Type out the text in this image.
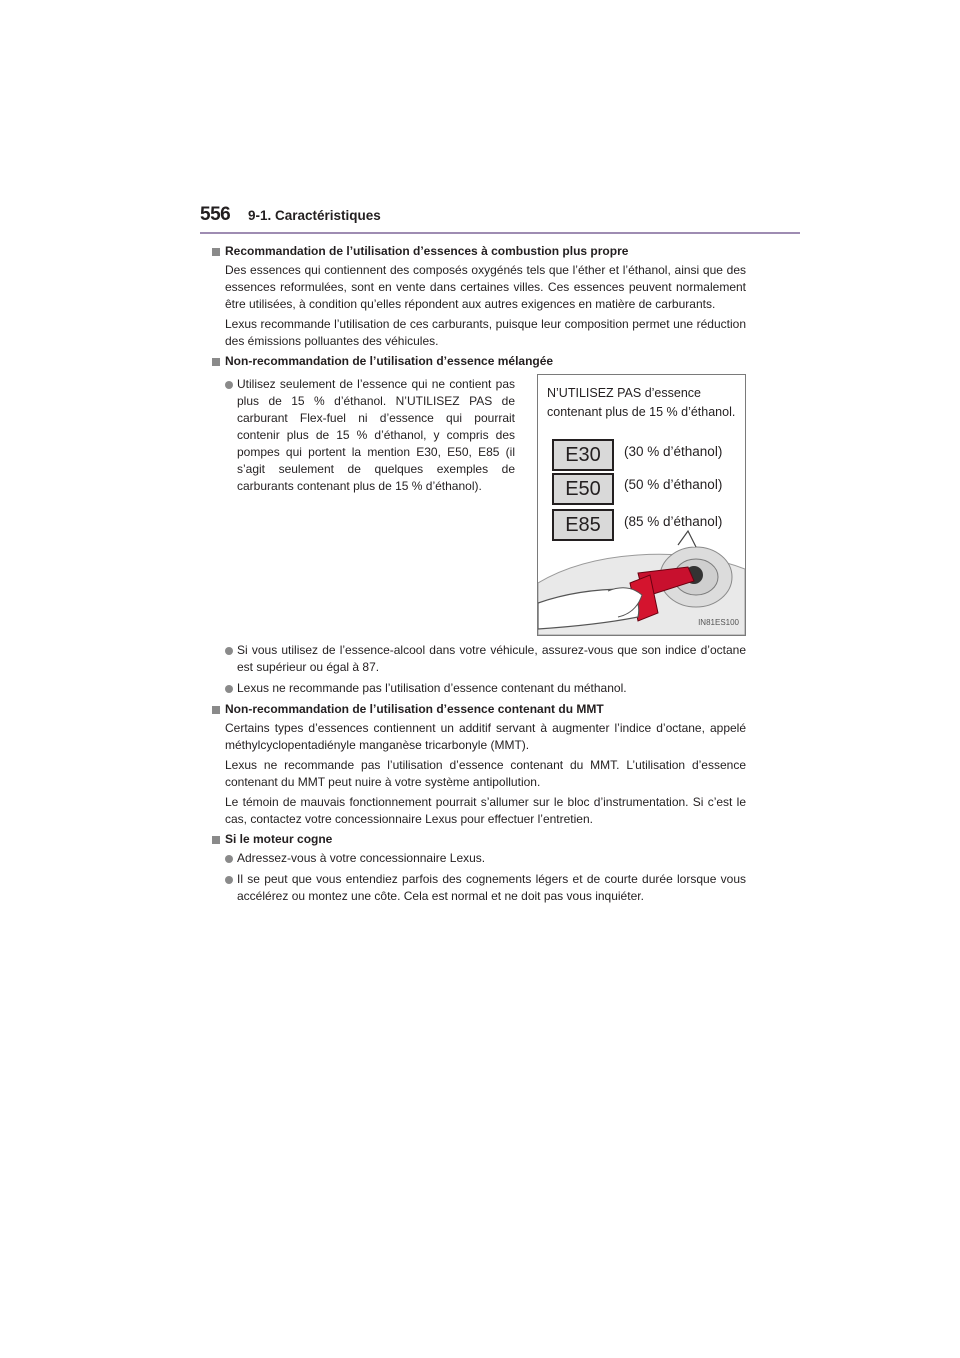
556 9-1. Caractéristiques
Recommandation de l’utilisation d’essences à combustion plus propre

Des essences qui contiennent des composés oxygénés tels que l’éther et l’éthanol, ainsi que des essences reformulées, sont en vente dans certaines villes. Ces essences peuvent normalement être utilisées, à condition qu’elles répondent aux autres exigences en matière de carburants.

Lexus recommande l’utilisation de ces carburants, puisque leur composition permet une réduction des émissions polluantes des véhicules.

Non-recommandation de l’utilisation d’essence mélangée

Utilisez seulement de l’essence qui ne contient pas plus de 15 % d’éthanol. N’UTILISEZ PAS de carburant Flex-fuel ni d’essence qui pourrait contenir plus de 15 % d’éthanol, y compris des pompes qui portent la mention E30, E50, E85 (il s’agit seulement de quelques exemples de carburants contenant plus de 15 % d’éthanol).

N’UTILISEZ PAS d’essence
contenant plus de 15 % d’éthanol.
E30	(30 % d’éthanol)
E50	(50 % d’éthanol)
E85	(85 % d’éthanol)
IN81ES100

Si vous utilisez de l’essence-alcool dans votre véhicule, assurez-vous que son indice d’octane est supérieur ou égal à 87.

Lexus ne recommande pas l’utilisation d’essence contenant du méthanol.

Non-recommandation de l’utilisation d’essence contenant du MMT

Certains types d’essences contiennent un additif servant à augmenter l’indice d’octane, appelé méthylcyclopentadiényle manganèse tricarbonyle (MMT).

Lexus ne recommande pas l’utilisation d’essence contenant du MMT. L’utilisation d’essence contenant du MMT peut nuire à votre système antipollution.

Le témoin de mauvais fonctionnement pourrait s’allumer sur le bloc d’instrumentation. Si c’est le cas, contactez votre concessionnaire Lexus pour effectuer l’entretien.

Si le moteur cogne

Adressez-vous à votre concessionnaire Lexus.

Il se peut que vous entendiez parfois des cognements légers et de courte durée lorsque vous accélérez ou montez une côte. Cela est normal et ne doit pas vous inquiéter.
